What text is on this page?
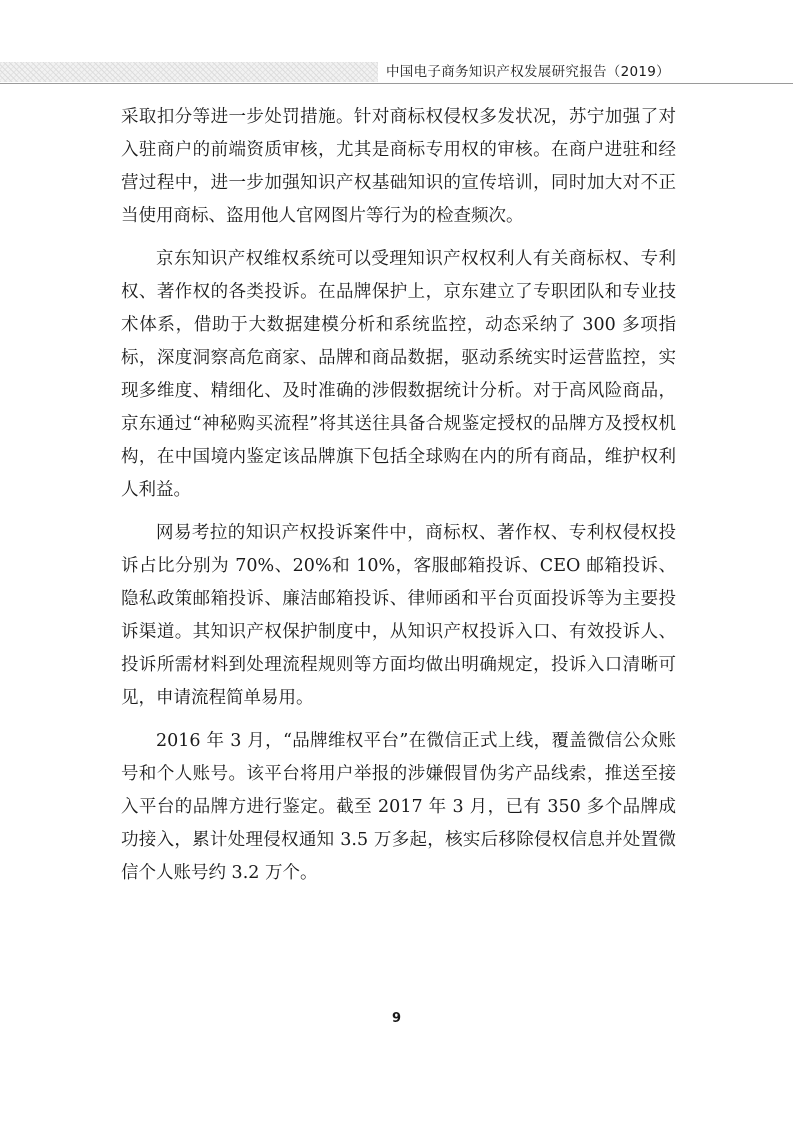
中国电子商务知识产权发展研究报告（2019）

采取扣分等进一步处罚措施。针对商标权侵权多发状况，苏宁加强了对入驻商户的前端资质审核，尤其是商标专用权的审核。在商户进驻和经营过程中，进一步加强知识产权基础知识的宣传培训，同时加大对不正当使用商标、盗用他人官网图片等行为的检查频次。

京东知识产权维权系统可以受理知识产权权利人有关商标权、专利权、著作权的各类投诉。在品牌保护上，京东建立了专职团队和专业技术体系，借助于大数据建模分析和系统监控，动态采纳了 300 多项指标，深度洞察高危商家、品牌和商品数据，驱动系统实时运营监控，实现多维度、精细化、及时准确的涉假数据统计分析。对于高风险商品，京东通过“神秘购买流程”将其送往具备合规鉴定授权的品牌方及授权机构，在中国境内鉴定该品牌旗下包括全球购在内的所有商品，维护权利人利益。

网易考拉的知识产权投诉案件中，商标权、著作权、专利权侵权投诉占比分别为 70%、20%和 10%，客服邮箱投诉、CEO 邮箱投诉、隐私政策邮箱投诉、廉洁邮箱投诉、律师函和平台页面投诉等为主要投诉渠道。其知识产权保护制度中，从知识产权投诉入口、有效投诉人、投诉所需材料到处理流程规则等方面均做出明确规定，投诉入口清晰可见，申请流程简单易用。

2016 年 3 月，“品牌维权平台”在微信正式上线，覆盖微信公众账号和个人账号。该平台将用户举报的涉嫌假冒伪劣产品线索，推送至接入平台的品牌方进行鉴定。截至 2017 年 3 月，已有 350 多个品牌成功接入，累计处理侵权通知 3.5 万多起，核实后移除侵权信息并处置微信个人账号约 3.2 万个。

9
